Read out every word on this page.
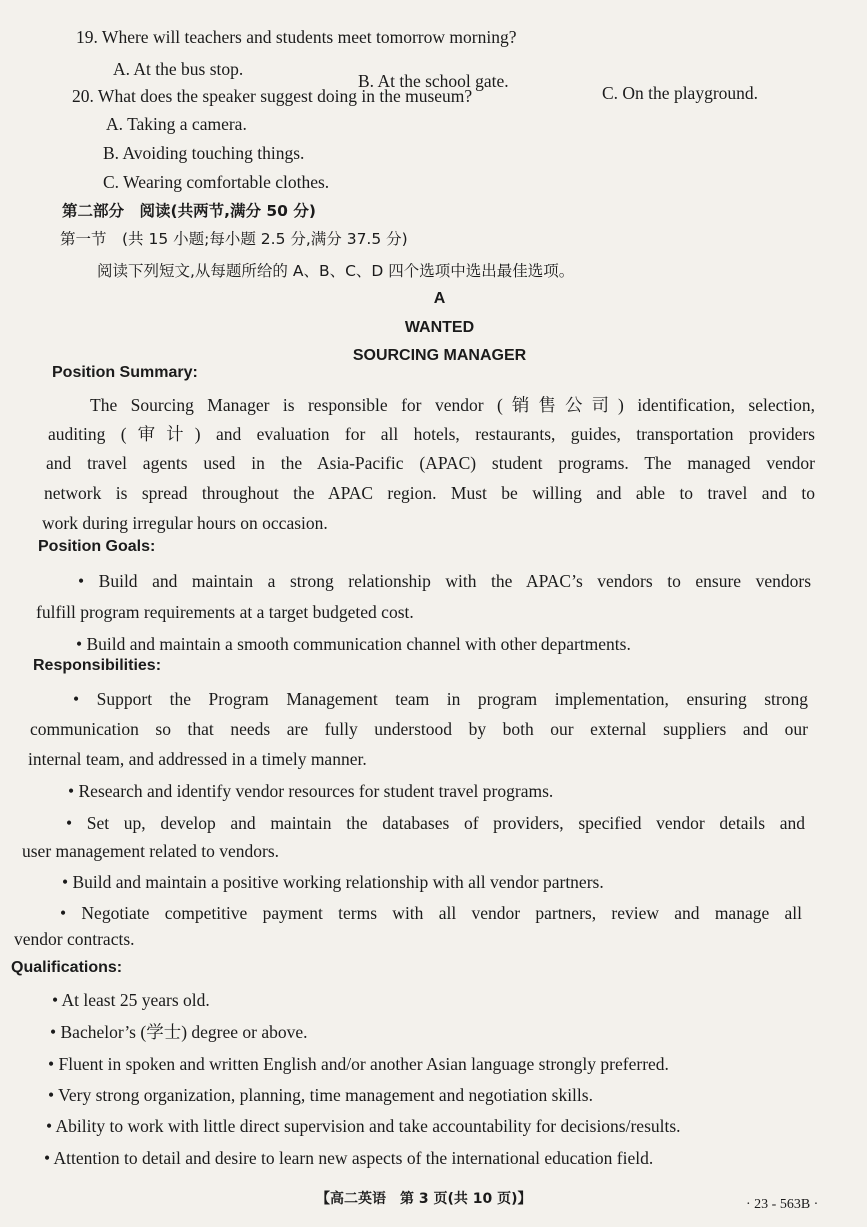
19. Where will teachers and students meet tomorrow morning?
A. At the bus stop.
B. At the school gate.
C. On the playground.
20. What does the speaker suggest doing in the museum?
A. Taking a camera.
B. Avoiding touching things.
C. Wearing comfortable clothes.
第二部分　阅读(共两节,满分 50 分)
第一节　(共 15 小题;每小题 2.5 分,满分 37.5 分)
阅读下列短文,从每题所给的 A、B、C、D 四个选项中选出最佳选项。
A
WANTED
SOURCING MANAGER
Position Summary:
The Sourcing Manager is responsible for vendor (销售公司) identification, selection,
auditing (审计) and evaluation for all hotels, restaurants, guides, transportation providers
and travel agents used in the Asia-Pacific (APAC) student programs. The managed vendor
network is spread throughout the APAC region. Must be willing and able to travel and to
work during irregular hours on occasion.
Position Goals:
• Build and maintain a strong relationship with the APAC’s vendors to ensure vendors
fulfill program requirements at a target budgeted cost.
• Build and maintain a smooth communication channel with other departments.
Responsibilities:
• Support the Program Management team in program implementation, ensuring strong
communication so that needs are fully understood by both our external suppliers and our
internal team, and addressed in a timely manner.
• Research and identify vendor resources for student travel programs.
• Set up, develop and maintain the databases of providers, specified vendor details and
user management related to vendors.
• Build and maintain a positive working relationship with all vendor partners.
• Negotiate competitive payment terms with all vendor partners, review and manage all
vendor contracts.
Qualifications:
• At least 25 years old.
• Bachelor’s (学士) degree or above.
• Fluent in spoken and written English and/or another Asian language strongly preferred.
• Very strong organization, planning, time management and negotiation skills.
• Ability to work with little direct supervision and take accountability for decisions/results.
• Attention to detail and desire to learn new aspects of the international education field.
【高二英语　第 3 页(共 10 页)】	· 23 - 563B ·
